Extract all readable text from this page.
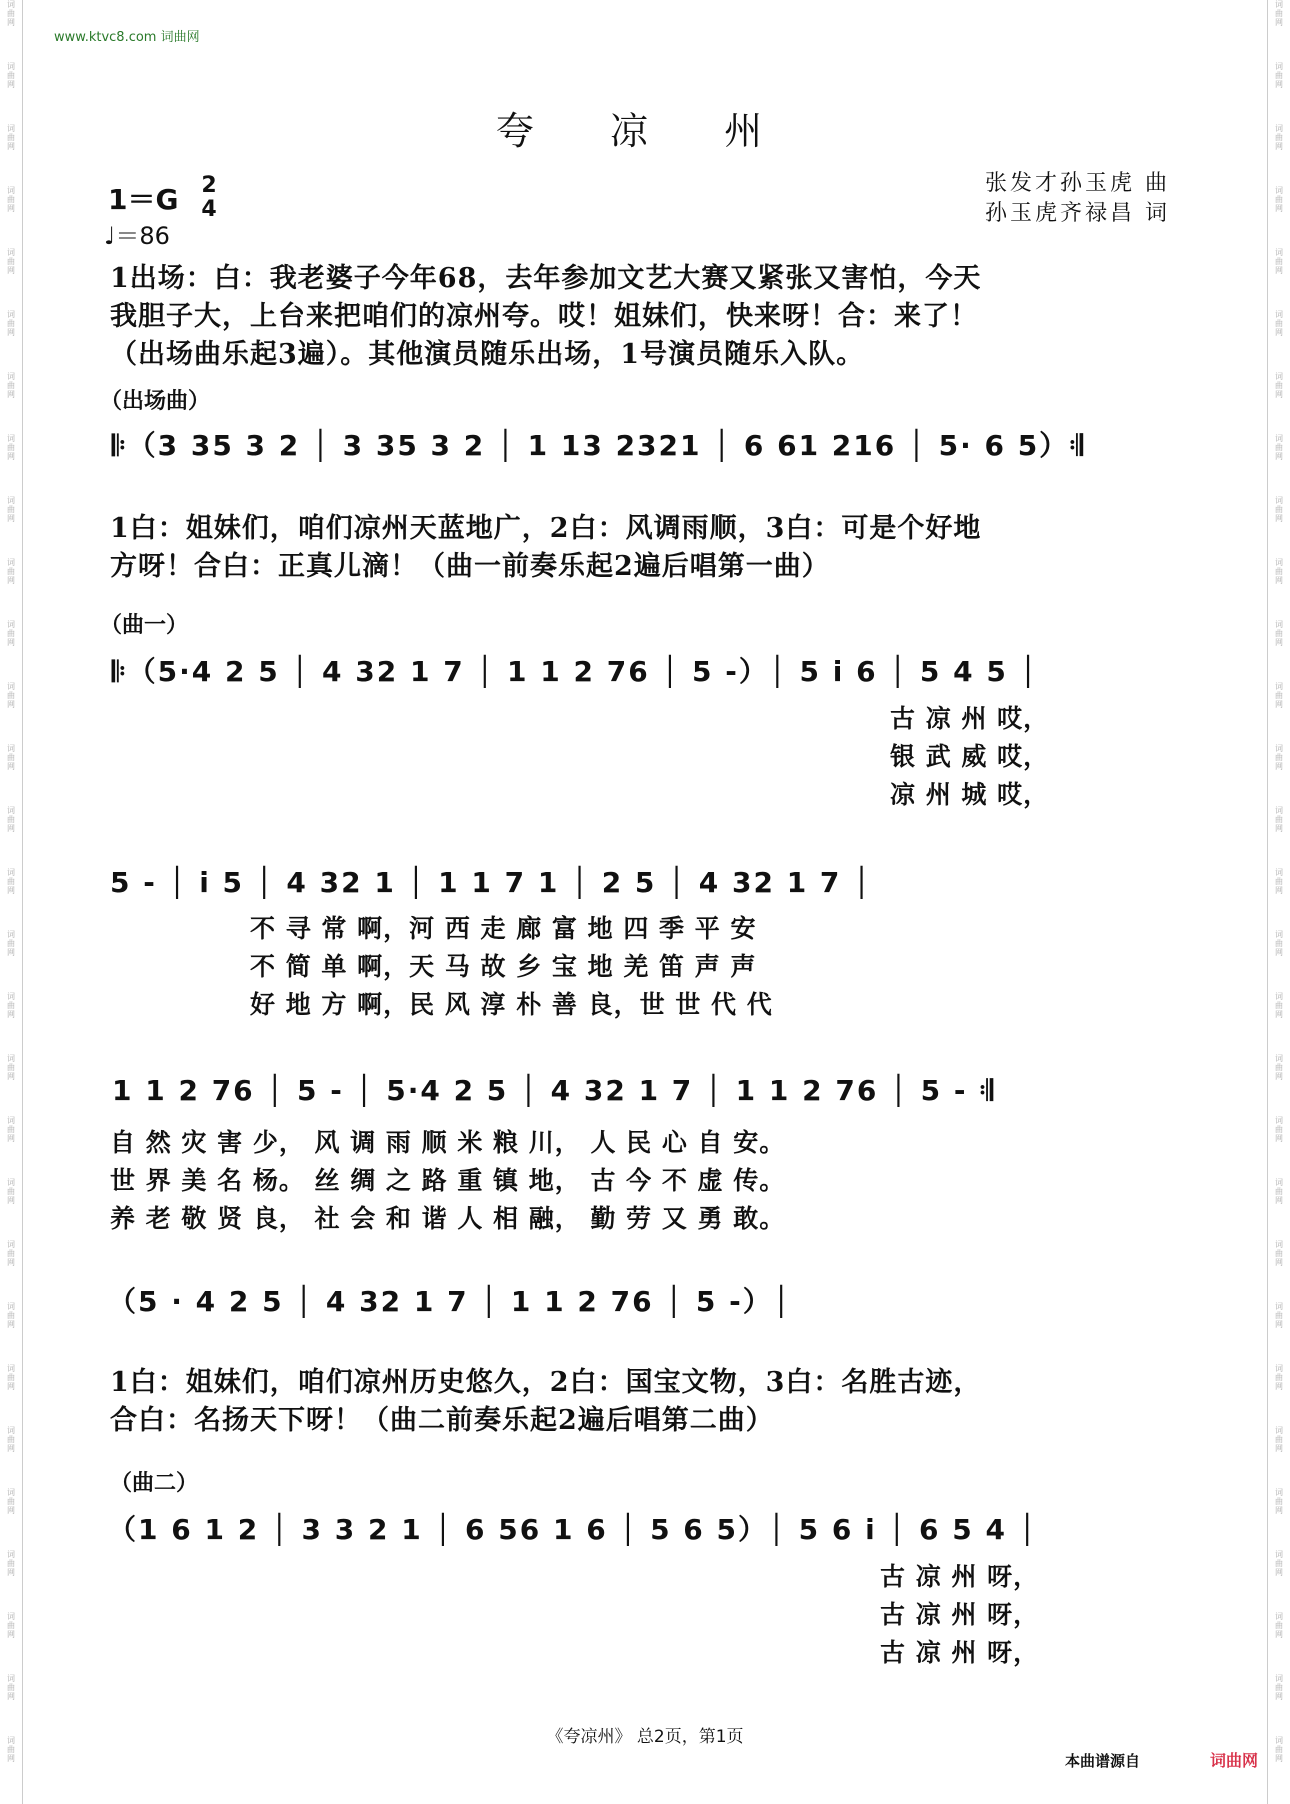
词
曲
网
词
曲
网
词
曲
网
词
曲
网
词
曲
网
词
曲
网
词
曲
网
词
曲
网
词
曲
网
词
曲
网
词
曲
网
词
曲
网
词
曲
网
词
曲
网
词
曲
网
词
曲
网
词
曲
网
词
曲
网
词
曲
网
词
曲
网
词
曲
网
词
曲
网
词
曲
网
词
曲
网
词
曲
网
词
曲
网
词
曲
网
词
曲
网
词
曲
网
词
曲
网
词
曲
网
词
曲
网
词
曲
网
词
曲
网
词
曲
网
词
曲
网
词
曲
网
词
曲
网
词
曲
网
词
曲
网
词
曲
网
词
曲
网
词
曲
网
词
曲
网
词
曲
网
词
曲
网
词
曲
网
词
曲
网
词
曲
网
词
曲
网
词
曲
网
词
曲
网
词
曲
网
词
曲
网
词
曲
网
词
曲
网
词
曲
网
词
曲
网
www.ktvc8.com 词曲网
夸 凉 州
张发才孙玉虎 曲
孙玉虎齐禄昌 词
1＝G 2
4
♩＝86
1出场：白：我老婆子今年68，去年参加文艺大赛又紧张又害怕，今天
我胆子大，上台来把咱们的凉州夸。哎！姐妹们，快来呀！合：来了！
（出场曲乐起3遍）。其他演员随乐出场，1号演员随乐入队。
（出场曲）
𝄆（3 35 3 2 │ 3 35 3 2 │ 1 13 2321 │ 6 61 216 │ 5· 6 5）𝄇
1白：姐妹们，咱们凉州天蓝地广，2白：风调雨顺，3白：可是个好地
方呀！合白：正真儿滴！（曲一前奏乐起2遍后唱第一曲）
（曲一）
𝄆（5·4 2 5 │ 4 32 1 7 │ 1 1 2 76 │ 5 -）│ 5 i 6 │ 5 4 5 │
古 凉 州 哎，
银 武 威 哎，
凉 州 城 哎，
5 - │ i 5 │ 4 32 1 │ 1 1 7 1 │ 2 5 │ 4 32 1 7 │
不 寻 常 啊，河 西 走 廊 富 地 四 季 平 安
不 简 单 啊，天 马 故 乡 宝 地 羌 笛 声 声
好 地 方 啊，民 风 淳 朴 善 良，世 世 代 代
1 1 2 76 │ 5 - │ 5·4 2 5 │ 4 32 1 7 │ 1 1 2 76 │ 5 - 𝄇
自 然 灾 害 少， 风 调 雨 顺 米 粮 川， 人 民 心 自 安。
世 界 美 名 杨。 丝 绸 之 路 重 镇 地， 古 今 不 虚 传。
养 老 敬 贤 良， 社 会 和 谐 人 相 融， 勤 劳 又 勇 敢。
（5 · 4 2 5 │ 4 32 1 7 │ 1 1 2 76 │ 5 -）│
1白：姐妹们，咱们凉州历史悠久，2白：国宝文物，3白：名胜古迹，
合白：名扬天下呀！（曲二前奏乐起2遍后唱第二曲）
（曲二）
（1 6 1 2 │ 3 3 2 1 │ 6 56 1 6 │ 5 6 5）│ 5 6 i │ 6 5 4 │
古 凉 州 呀，
古 凉 州 呀，
古 凉 州 呀，
《夸凉州》 总2页，第1页
本曲谱源自	词曲网
